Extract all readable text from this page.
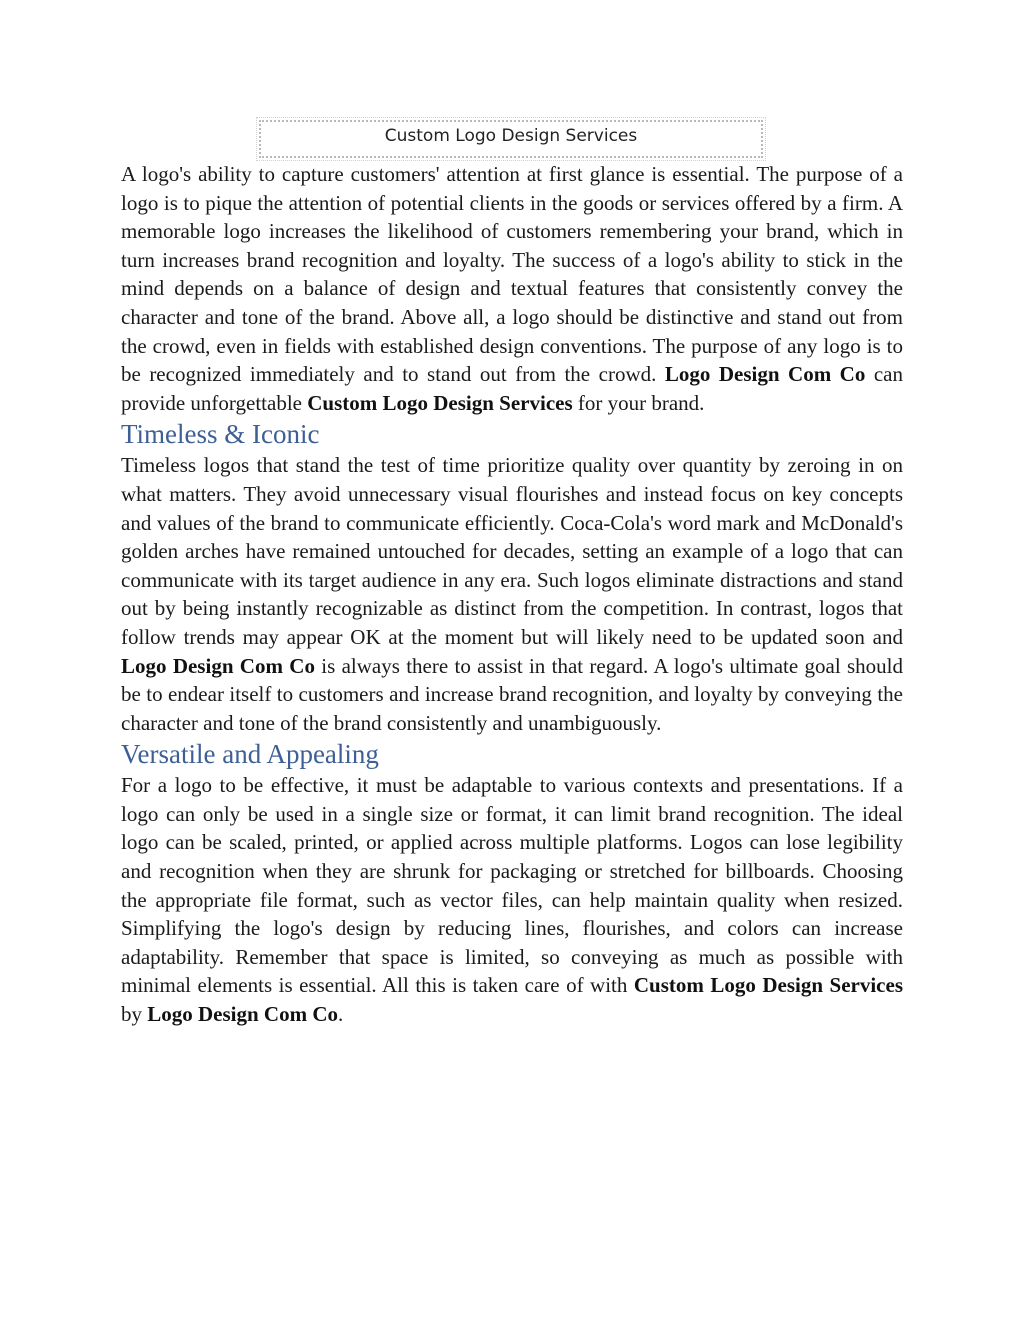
Custom Logo Design Services

A logo's ability to capture customers' attention at first glance is essential. The purpose of a logo is to pique the attention of potential clients in the goods or services offered by a firm. A memorable logo increases the likelihood of customers remembering your brand, which in turn increases brand recognition and loyalty. The success of a logo's ability to stick in the mind depends on a balance of design and textual features that consistently convey the character and tone of the brand. Above all, a logo should be distinctive and stand out from the crowd, even in fields with established design conventions. The purpose of any logo is to be recognized immediately and to stand out from the crowd. Logo Design Com Co can provide unforgettable Custom Logo Design Services for your brand.

Timeless & Iconic

Timeless logos that stand the test of time prioritize quality over quantity by zeroing in on what matters. They avoid unnecessary visual flourishes and instead focus on key concepts and values of the brand to communicate efficiently. Coca-Cola's word mark and McDonald's golden arches have remained untouched for decades, setting an example of a logo that can communicate with its target audience in any era. Such logos eliminate distractions and stand out by being instantly recognizable as distinct from the competition. In contrast, logos that follow trends may appear OK at the moment but will likely need to be updated soon and Logo Design Com Co is always there to assist in that regard. A logo's ultimate goal should be to endear itself to customers and increase brand recognition, and loyalty by conveying the character and tone of the brand consistently and unambiguously.

Versatile and Appealing

For a logo to be effective, it must be adaptable to various contexts and presentations. If a logo can only be used in a single size or format, it can limit brand recognition. The ideal logo can be scaled, printed, or applied across multiple platforms. Logos can lose legibility and recognition when they are shrunk for packaging or stretched for billboards. Choosing the appropriate file format, such as vector files, can help maintain quality when resized. Simplifying the logo's design by reducing lines, flourishes, and colors can increase adaptability. Remember that space is limited, so conveying as much as possible with minimal elements is essential. All this is taken care of with Custom Logo Design Services by Logo Design Com Co.
